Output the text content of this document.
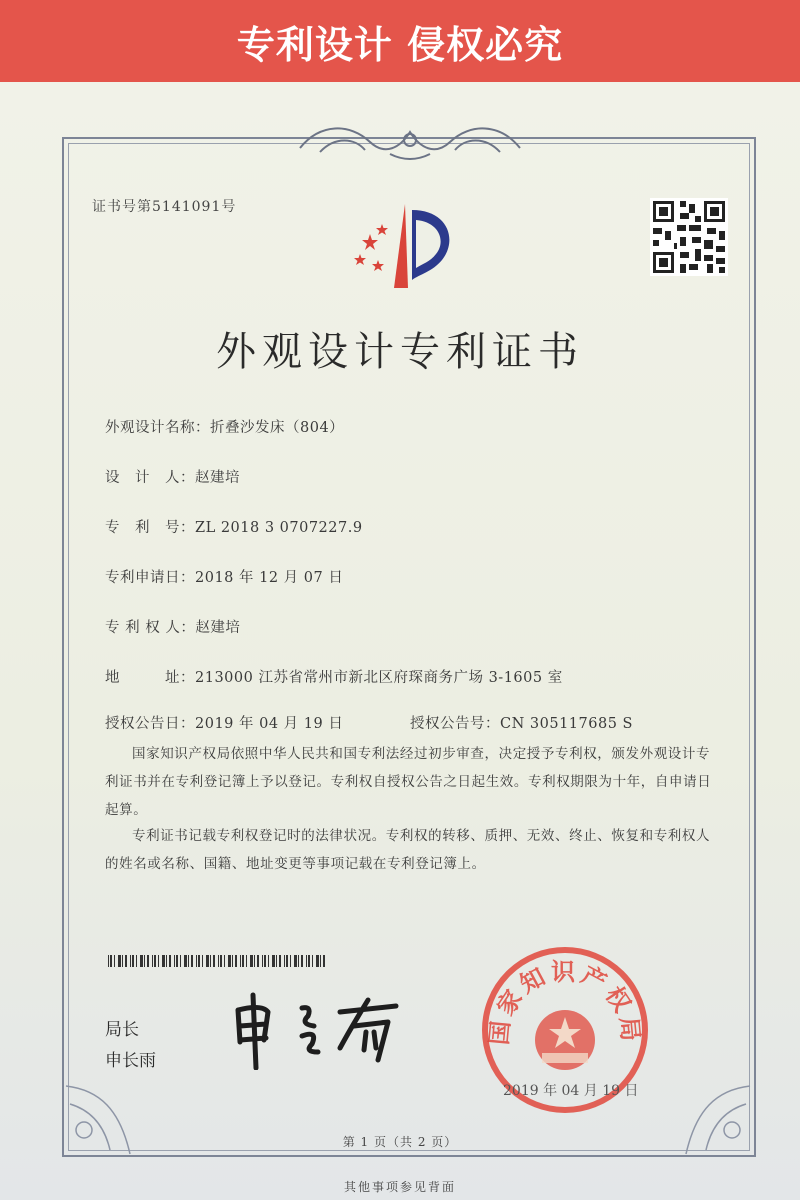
专利设计 侵权必究
证书号第5141091号
外观设计专利证书
外观设计名称：折叠沙发床（804）
设　计　人：赵建培
专　利　号：ZL 2018 3 0707227.9
专利申请日：2018 年 12 月 07 日
专 利 权 人：赵建培
地　　　址：213000 江苏省常州市新北区府琛商务广场 3-1605 室
授权公告日：2019 年 04 月 19 日	授权公告号：CN 305117685 S
国家知识产权局依照中华人民共和国专利法经过初步审查，决定授予专利权，颁发外观设计专利证书并在专利登记簿上予以登记。专利权自授权公告之日起生效。专利权期限为十年，自申请日起算。
专利证书记载专利权登记时的法律状况。专利权的转移、质押、无效、终止、恢复和专利权人的姓名或名称、国籍、地址变更等事项记载在专利登记簿上。
局长
申长雨
国家知识产权局
2019 年 04 月 19 日
第 1 页（共 2 页）
其他事项参见背面
